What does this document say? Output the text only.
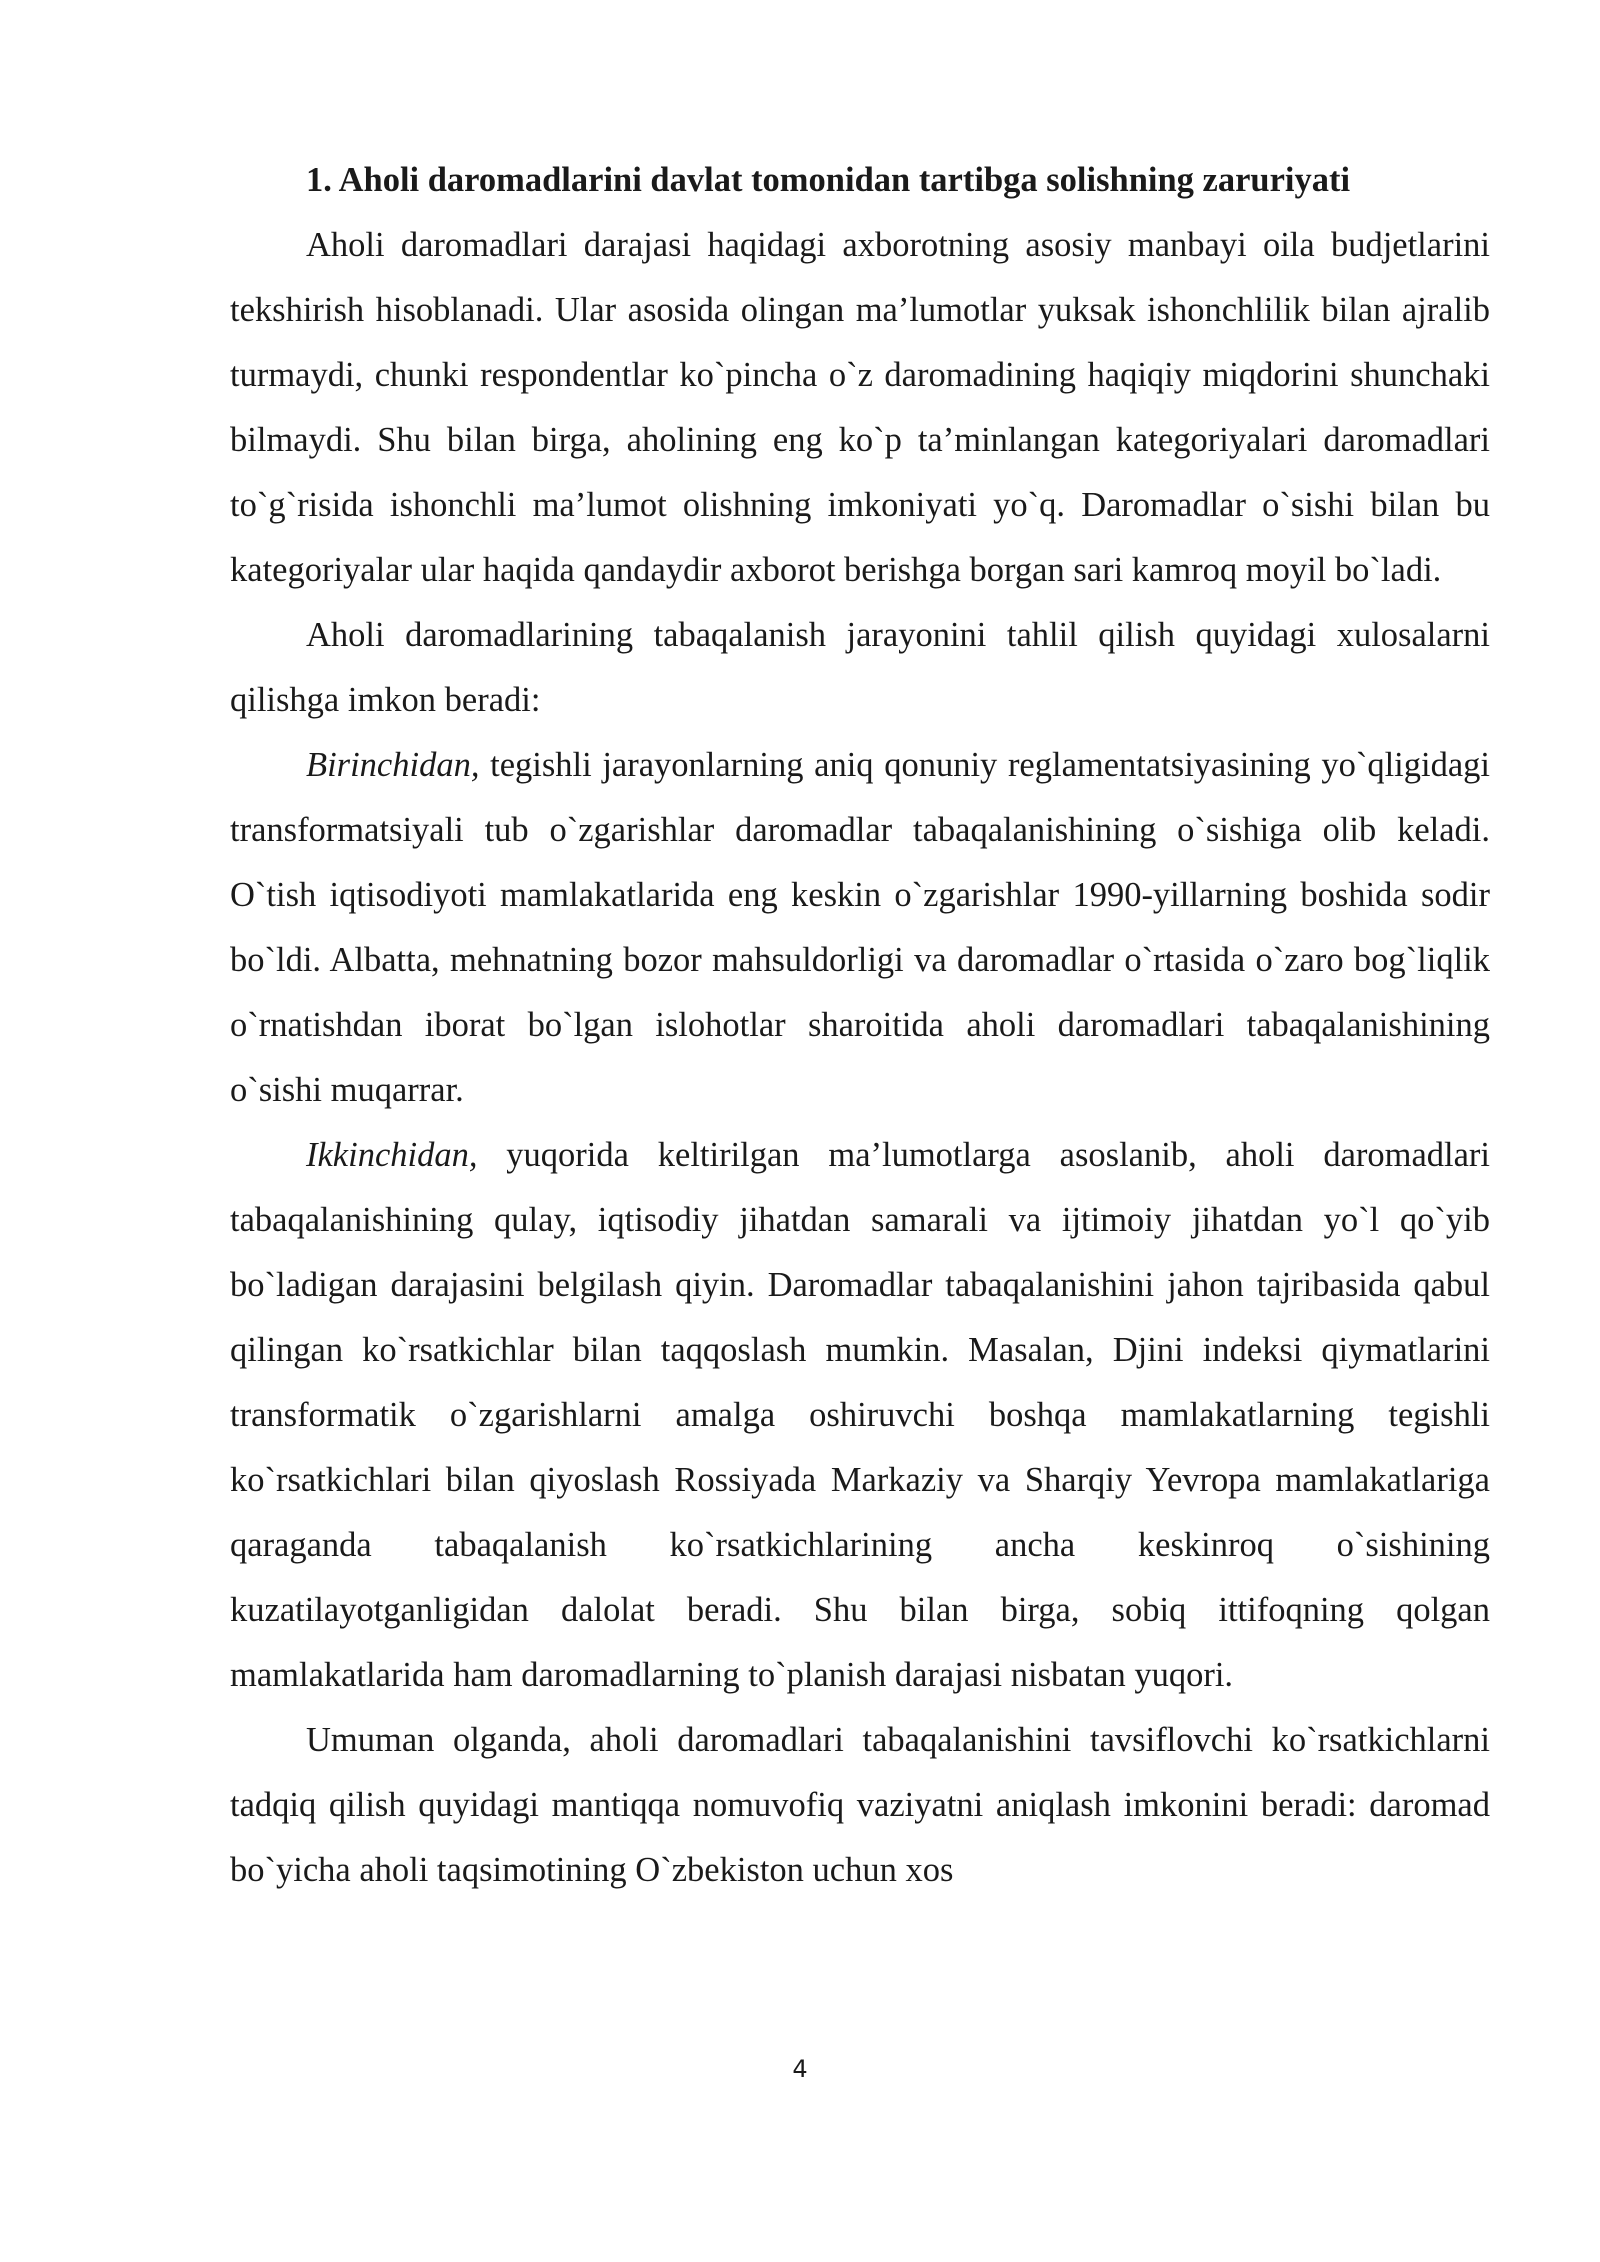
1. Aholi daromadlarini davlat tomonidan tartibga solishning zaruriyati

Aholi daromadlari darajasi haqidagi axborotning asosiy manbayi oila budjetlarini tekshirish hisoblanadi. Ular asosida olingan ma’lumotlar yuksak ishonchlilik bilan ajralib turmaydi, chunki respondentlar ko`pincha o`z daromadining haqiqiy miqdorini shunchaki bilmaydi. Shu bilan birga, aholining eng ko`p ta’minlangan kategoriyalari daromadlari to`g`risida ishonchli ma’lumot olishning imkoniyati yo`q. Daromadlar o`sishi bilan bu kategoriyalar ular haqida qandaydir axborot berishga borgan sari kamroq moyil bo`ladi.

Aholi daromadlarining tabaqalanish jarayonini tahlil qilish quyidagi xulosalarni qilishga imkon beradi:

Birinchidan, tegishli jarayonlarning aniq qonuniy reglamentatsiyasining yo`qligidagi transformatsiyali tub o`zgarishlar daromadlar tabaqalanishining o`sishiga olib keladi. O`tish iqtisodiyoti mamlakatlarida eng keskin o`zgarishlar 1990-yillarning boshida sodir bo`ldi. Albatta, mehnatning bozor mahsuldorligi va daromadlar o`rtasida o`zaro bog`liqlik o`rnatishdan iborat bo`lgan islohotlar sharoitida aholi daromadlari tabaqalanishining o`sishi muqarrar.

Ikkinchidan, yuqorida keltirilgan ma’lumotlarga asoslanib, aholi daromadlari tabaqalanishining qulay, iqtisodiy jihatdan samarali va ijtimoiy jihatdan yo`l qo`yib bo`ladigan darajasini belgilash qiyin. Daromadlar tabaqalanishini jahon tajribasida qabul qilingan ko`rsatkichlar bilan taqqoslash mumkin. Masalan, Djini indeksi qiymatlarini transformatik o`zgarishlarni amalga oshiruvchi boshqa mamlakatlarning tegishli ko`rsatkichlari bilan qiyoslash Rossiyada Markaziy va Sharqiy Yevropa mamlakatlariga qaraganda tabaqalanish ko`rsatkichlarining ancha keskinroq o`sishining kuzatilayotganligidan dalolat beradi. Shu bilan birga, sobiq ittifoqning qolgan mamlakatlarida ham daromadlarning to`planish darajasi nisbatan yuqori.

Umuman olganda, aholi daromadlari tabaqalanishini tavsiflovchi ko`rsatkichlarni tadqiq qilish quyidagi mantiqqa nomuvofiq vaziyatni aniqlash imkonini beradi: daromad bo`yicha aholi taqsimotining O`zbekiston uchun xos

4
